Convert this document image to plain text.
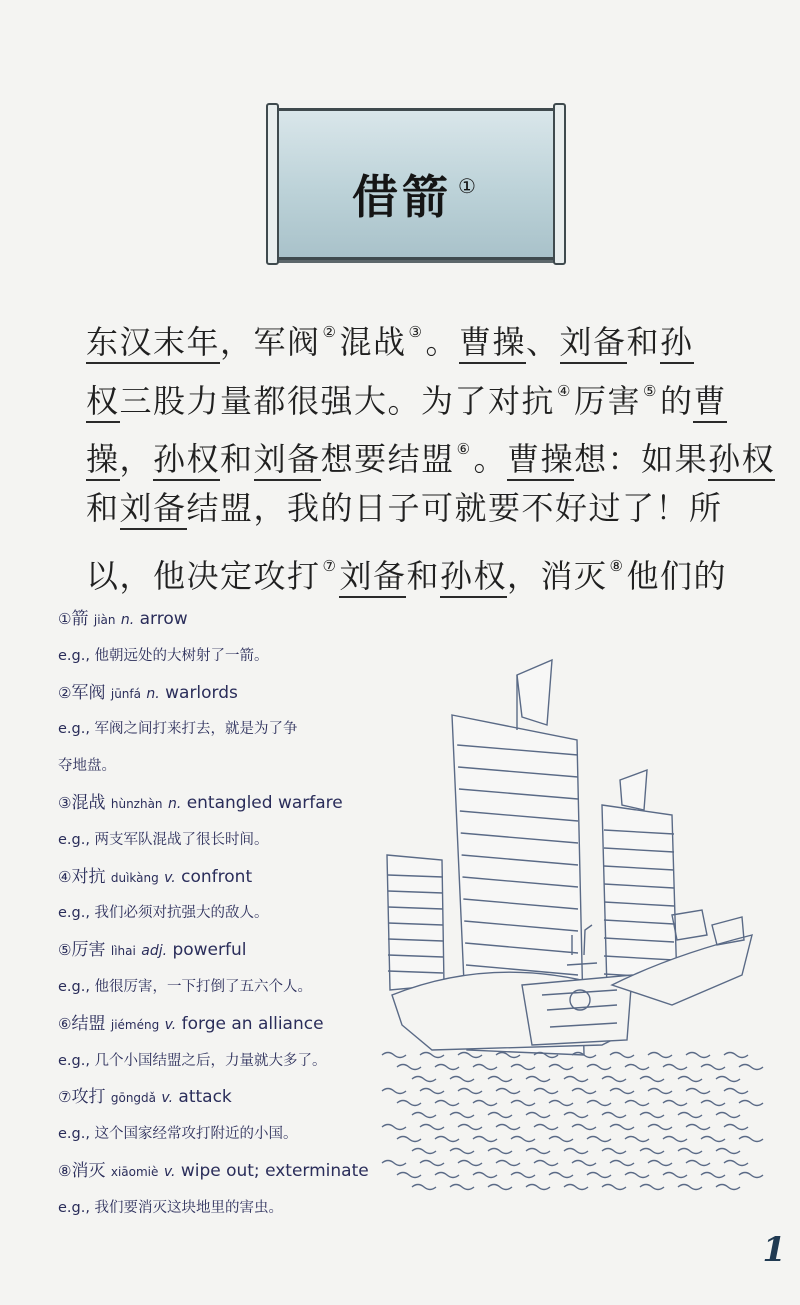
借箭 ①
东汉末年，军阀 ②混战 ③。曹操、刘备和孙
权三股力量都很强大。为了对抗 ④厉害 ⑤的曹
操，孙权和刘备想要结盟 ⑥。曹操想：如果孙权
和刘备结盟，我的日子可就要不好过了！所
以，他决定攻打 ⑦刘备和孙权，消灭 ⑧他们的
①箭 jiàn n. arrow
e.g., 他朝远处的大树射了一箭。
②军阀 jūnfá n. warlords
e.g., 军阀之间打来打去，就是为了争
夺地盘。
③混战 hùnzhàn n. entangled warfare
e.g., 两支军队混战了很长时间。
④对抗 duìkàng v. confront
e.g., 我们必须对抗强大的敌人。
⑤厉害 lìhai adj. powerful
e.g., 他很厉害，一下打倒了五六个人。
⑥结盟 jiéméng v. forge an alliance
e.g., 几个小国结盟之后，力量就大多了。
⑦攻打 gōngdǎ v. attack
e.g., 这个国家经常攻打附近的小国。
⑧消灭 xiāomiè v. wipe out; exterminate
e.g., 我们要消灭这块地里的害虫。
1
